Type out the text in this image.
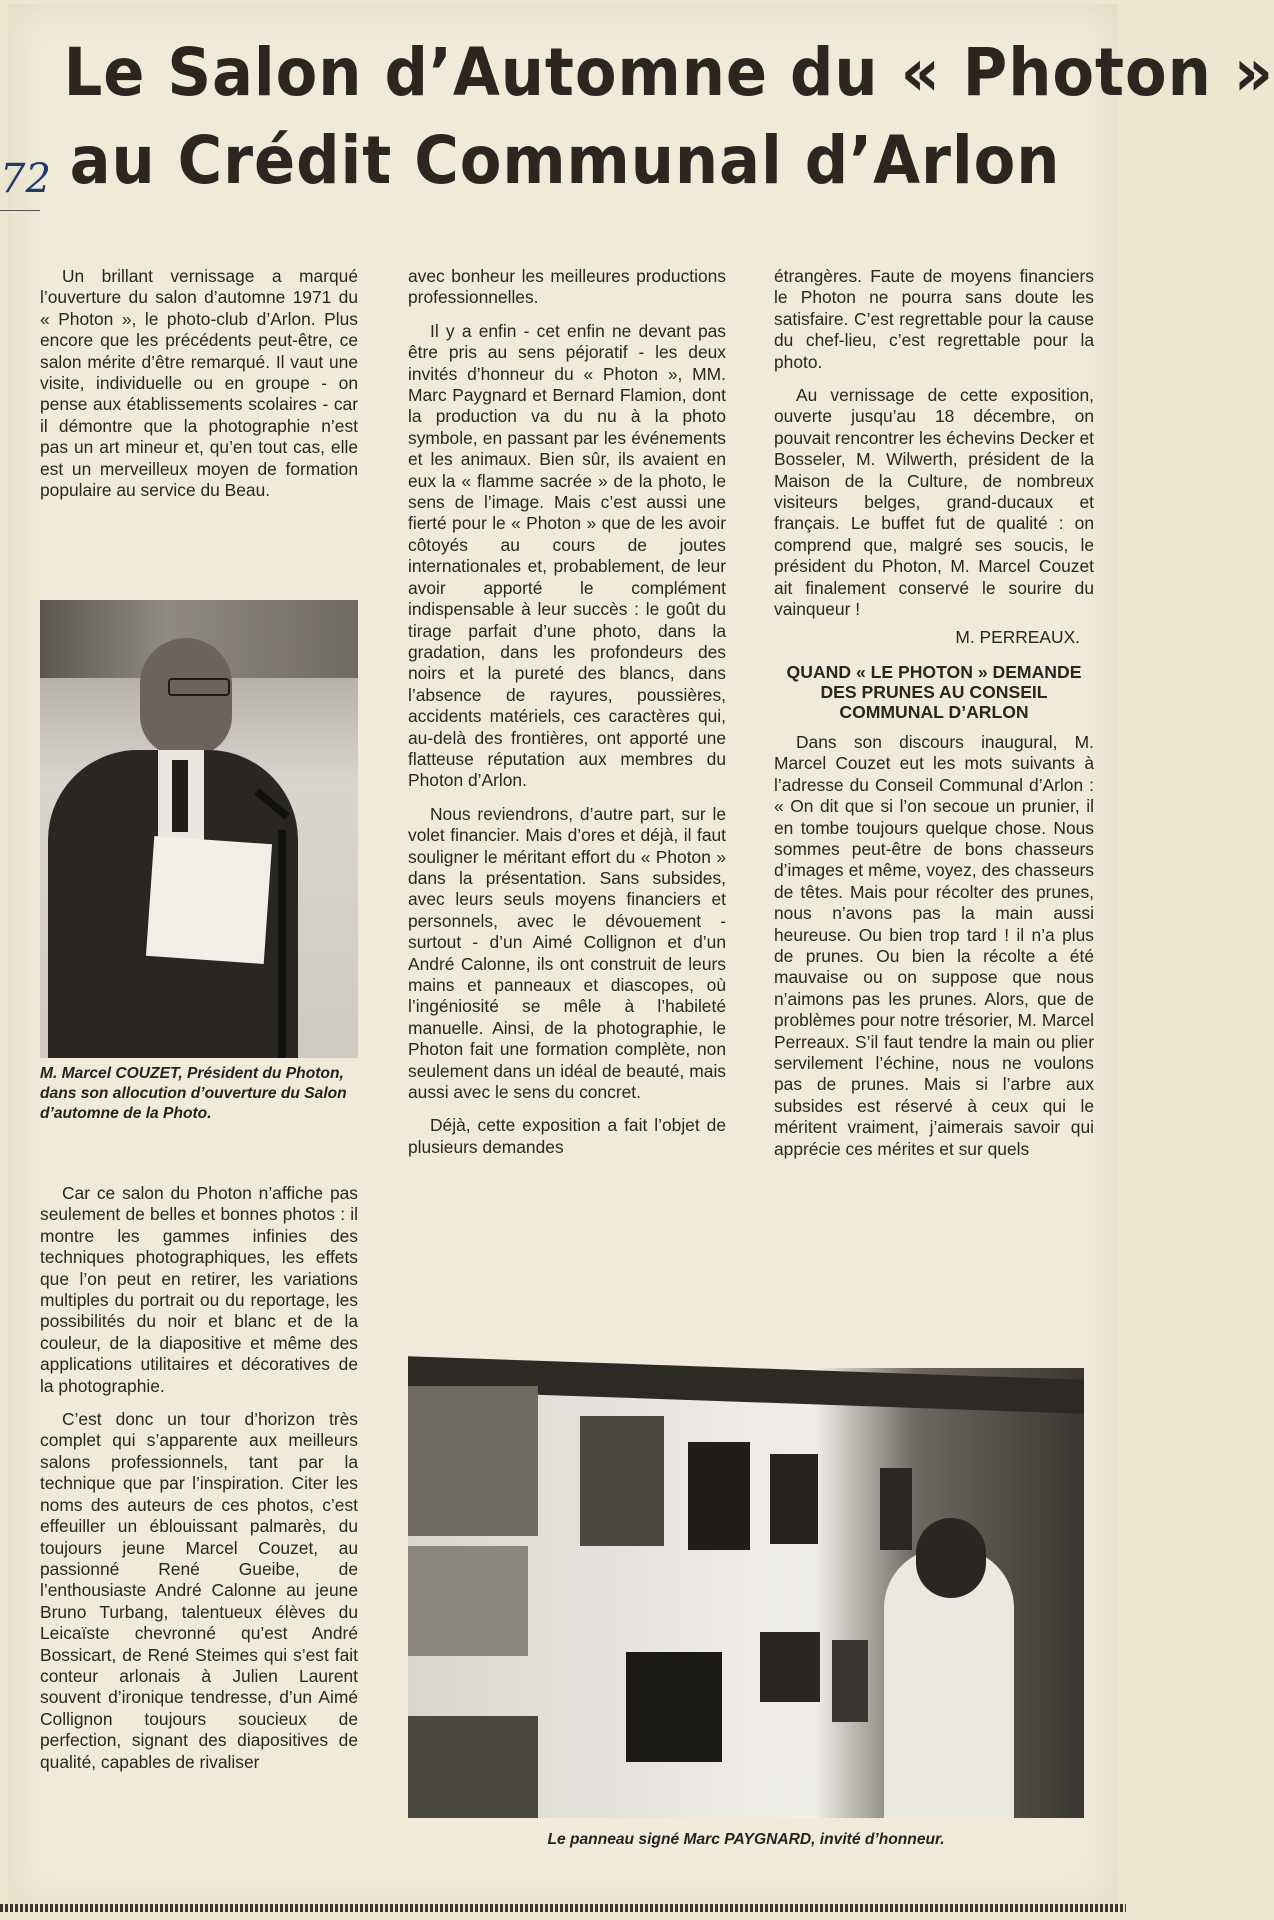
Le Salon d’Automne du « Photon »
au Crédit Communal d’Arlon
72

Un brillant vernissage a marqué l’ouverture du salon d’automne 1971 du « Photon », le photo-club d’Arlon. Plus encore que les précédents peut-être, ce salon mérite d’être remarqué. Il vaut une visite, individuelle ou en groupe - on pense aux établissements scolaires - car il démontre que la photographie n’est pas un art mineur et, qu’en tout cas, elle est un merveilleux moyen de formation populaire au service du Beau.

M. Marcel COUZET, Président du Photon, dans son allocution d’ouverture du Salon d’automne de la Photo.

Car ce salon du Photon n’affiche pas seulement de belles et bonnes photos : il montre les gammes infinies des techniques photographiques, les effets que l’on peut en retirer, les variations multiples du portrait ou du reportage, les possibilités du noir et blanc et de la couleur, de la diapositive et même des applications utilitaires et décoratives de la photographie.

C’est donc un tour d’horizon très complet qui s’apparente aux meilleurs salons professionnels, tant par la technique que par l’inspiration. Citer les noms des auteurs de ces photos, c’est effeuiller un éblouissant palmarès, du toujours jeune Marcel Couzet, au passionné René Gueibe, de l’enthousiaste André Calonne au jeune Bruno Turbang, talentueux élèves du Leicaïste chevronné qu’est André Bossicart, de René Steimes qui s’est fait conteur arlonais à Julien Laurent souvent d’ironique tendresse, d’un Aimé Collignon toujours soucieux de perfection, signant des diapositives de qualité, capables de rivaliser

avec bonheur les meilleures productions professionnelles.

Il y a enfin - cet enfin ne devant pas être pris au sens péjoratif - les deux invités d’honneur du « Photon », MM. Marc Paygnard et Bernard Flamion, dont la production va du nu à la photo symbole, en passant par les événements et les animaux. Bien sûr, ils avaient en eux la « flamme sacrée » de la photo, le sens de l’image. Mais c’est aussi une fierté pour le « Photon » que de les avoir côtoyés au cours de joutes internationales et, probablement, de leur avoir apporté le complément indispensable à leur succès : le goût du tirage parfait d’une photo, dans la gradation, dans les profondeurs des noirs et la pureté des blancs, dans l’absence de rayures, poussières, accidents matériels, ces caractères qui, au-delà des frontières, ont apporté une flatteuse réputation aux membres du Photon d’Arlon.

Nous reviendrons, d’autre part, sur le volet financier. Mais d’ores et déjà, il faut souligner le méritant effort du « Photon » dans la présentation. Sans subsides, avec leurs seuls moyens financiers et personnels, avec le dévouement - surtout - d’un Aimé Collignon et d’un André Calonne, ils ont construit de leurs mains et panneaux et diascopes, où l’ingéniosité se mêle à l’habileté manuelle. Ainsi, de la photographie, le Photon fait une formation complète, non seulement dans un idéal de beauté, mais aussi avec le sens du concret.

Déjà, cette exposition a fait l’objet de plusieurs demandes

étrangères. Faute de moyens financiers le Photon ne pourra sans doute les satisfaire. C’est regrettable pour la cause du chef-lieu, c’est regrettable pour la photo.

Au vernissage de cette exposition, ouverte jusqu’au 18 décembre, on pouvait rencontrer les échevins Decker et Bosseler, M. Wilwerth, président de la Maison de la Culture, de nombreux visiteurs belges, grand-ducaux et français. Le buffet fut de qualité : on comprend que, malgré ses soucis, le président du Photon, M. Marcel Couzet ait finalement conservé le sourire du vainqueur !

M. PERREAUX.
QUAND « LE PHOTON » DEMANDE DES PRUNES AU CONSEIL COMMUNAL D’ARLON

Dans son discours inaugural, M. Marcel Couzet eut les mots suivants à l’adresse du Conseil Communal d’Arlon : « On dit que si l’on secoue un prunier, il en tombe toujours quelque chose. Nous sommes peut-être de bons chasseurs d’images et même, voyez, des chasseurs de têtes. Mais pour récolter des prunes, nous n’avons pas la main aussi heureuse. Ou bien trop tard ! il n’a plus de prunes. Ou bien la récolte a été mauvaise ou on suppose que nous n’aimons pas les prunes. Alors, que de problèmes pour notre trésorier, M. Marcel Perreaux. S’il faut tendre la main ou plier servilement l’échine, nous ne voulons pas de prunes. Mais si l’arbre aux subsides est réservé à ceux qui le méritent vraiment, j’aimerais savoir qui apprécie ces mérites et sur quels

Le panneau signé Marc PAYGNARD, invité d’honneur.
